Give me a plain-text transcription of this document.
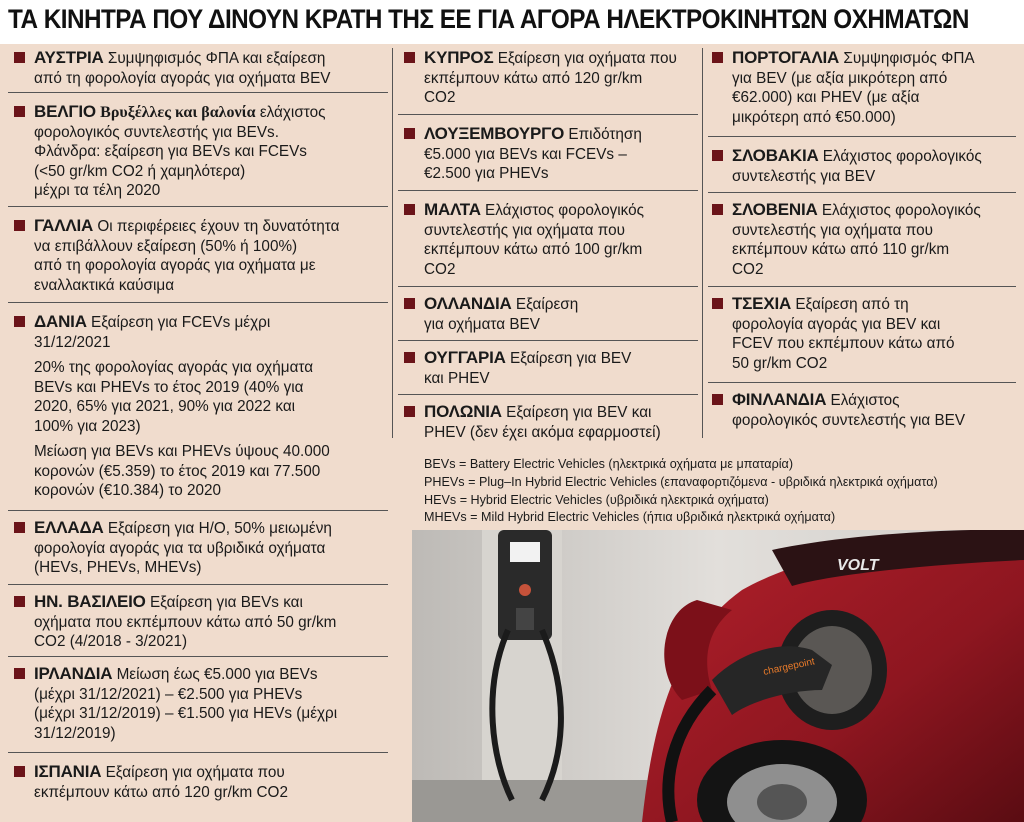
ΤΑ ΚΙΝΗΤΡΑ ΠΟΥ ΔΙΝΟΥΝ ΚΡΑΤΗ ΤΗΣ ΕΕ ΓΙΑ ΑΓΟΡΑ ΗΛΕΚΤΡΟΚΙΝΗΤΩΝ ΟΧΗΜΑΤΩΝ
ΑΥΣΤΡΙΑ Συμψηφισμός ΦΠΑ και εξαίρεση
από τη φορολογία αγοράς για οχήματα BEV
ΒΕΛΓΙΟ Βρυξέλλες και βαλονία ελάχιστος
φορολογικός συντελεστής για BEVs.
Φλάνδρα: εξαίρεση για BEVs και FCEVs
(<50 gr/km CO2 ή χαμηλότερα)
μέχρι τα τέλη 2020
ΓΑΛΛΙΑ Οι περιφέρειες έχουν τη δυνατότητα
να επιβάλλουν εξαίρεση (50% ή 100%)
από τη φορολογία αγοράς για οχήματα με
εναλλακτικά καύσιμα
ΔΑΝΙΑ Εξαίρεση για FCEVs μέχρι
31/12/2021
20% της φορολογίας αγοράς για οχήματα
BEVs και PHEVs το έτος 2019 (40% για
2020, 65% για 2021, 90% για 2022 και
100% για 2023)
Μείωση για BEVs και PHEVs ύψους 40.000
κορονών (€5.359) το έτος 2019 και 77.500
κορονών (€10.384) το 2020
ΕΛΛΑΔΑ Εξαίρεση για Η/Ο, 50% μειωμένη
φορολογία αγοράς για τα υβριδικά οχήματα
(HEVs, PHEVs, MHEVs)
ΗΝ. ΒΑΣΙΛΕΙΟ Εξαίρεση για BEVs και
οχήματα που εκπέμπουν κάτω από 50 gr/km
CO2 (4/2018 - 3/2021)
ΙΡΛΑΝΔΙΑ Μείωση έως €5.000 για BEVs
(μέχρι 31/12/2021) – €2.500 για PHEVs
(μέχρι 31/12/2019) – €1.500 για HEVs (μέχρι
31/12/2019)
ΙΣΠΑΝΙΑ Εξαίρεση για οχήματα που
εκπέμπουν κάτω από 120 gr/km CO2
ΚΥΠΡΟΣ Εξαίρεση για οχήματα που
εκπέμπουν κάτω από 120 gr/km
CO2
ΛΟΥΞΕΜΒΟΥΡΓΟ Επιδότηση
€5.000 για BEVs και FCEVs –
€2.500 για PHEVs
ΜΑΛΤΑ Ελάχιστος φορολογικός
συντελεστής για οχήματα που
εκπέμπουν κάτω από 100 gr/km
CO2
ΟΛΛΑΝΔΙΑ Εξαίρεση
για οχήματα BEV
ΟΥΓΓΑΡΙΑ Εξαίρεση για BEV
και PHEV
ΠΟΛΩΝΙΑ Εξαίρεση για BEV και
PHEV (δεν έχει ακόμα εφαρμοστεί)
ΠΟΡΤΟΓΑΛΙΑ Συμψηφισμός ΦΠΑ
για BEV (με αξία μικρότερη από
€62.000) και PHEV (με αξία
μικρότερη από €50.000)
ΣΛΟΒΑΚΙΑ Ελάχιστος φορολογικός
συντελεστής για BEV
ΣΛΟΒΕΝΙΑ Ελάχιστος φορολογικός
συντελεστής για οχήματα που
εκπέμπουν κάτω από 110 gr/km
CO2
ΤΣΕΧΙΑ Εξαίρεση από τη
φορολογία αγοράς για BEV και
FCEV που εκπέμπουν κάτω από
50 gr/km CO2
ΦΙΝΛΑΝΔΙΑ Ελάχιστος
φορολογικός συντελεστής για BEV
BEVs = Battery Electric Vehicles (ηλεκτρικά οχήματα με μπαταρία)
PHEVs = Plug–In Hybrid Electric Vehicles (επαναφορτιζόμενα - υβριδικά ηλεκτρικά οχήματα)
HEVs = Hybrid Electric Vehicles (υβριδικά ηλεκτρικά οχήματα)
MHEVs = Mild Hybrid Electric Vehicles (ήπια υβριδικά ηλεκτρικά οχήματα)
VOLT
chargepoint
